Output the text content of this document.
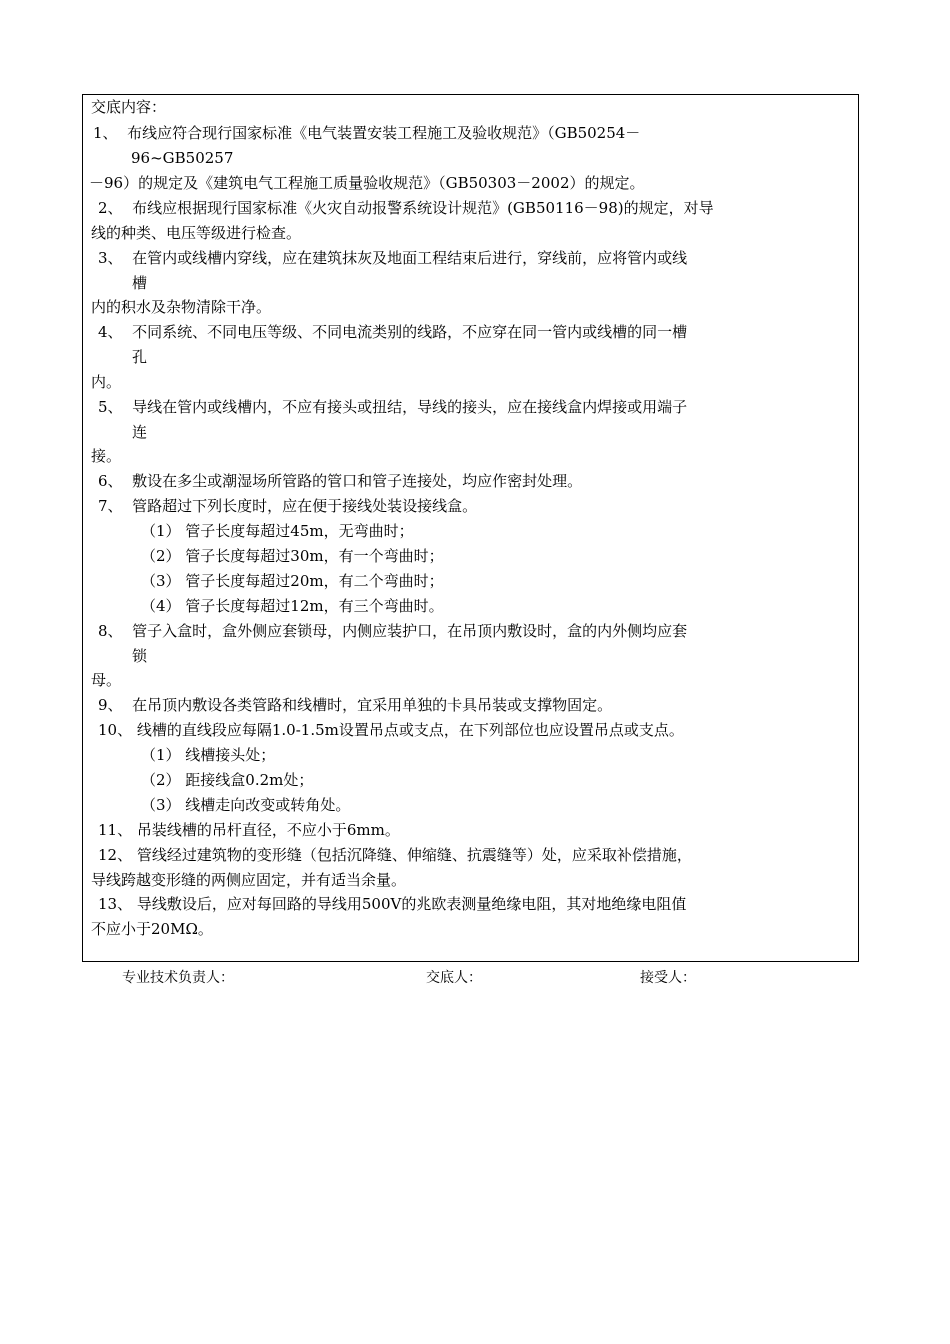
交底内容：
1、  布线应符合现行国家标准《电气装置安装工程施工及验收规范》（GB50254－
96~GB50257
－96）的规定及《建筑电气工程施工质量验收规范》（GB50303－2002）的规定。
2、  布线应根据现行国家标准《火灾自动报警系统设计规范》(GB50116－98)的规定，对导
线的种类、电压等级进行检查。
3、  在管内或线槽内穿线，应在建筑抹灰及地面工程结束后进行，穿线前，应将管内或线
槽
内的积水及杂物清除干净。
4、  不同系统、不同电压等级、不同电流类别的线路，不应穿在同一管内或线槽的同一槽
孔
内。
5、  导线在管内或线槽内，不应有接头或扭结，导线的接头，应在接线盒内焊接或用端子
连
接。
6、  敷设在多尘或潮湿场所管路的管口和管子连接处，均应作密封处理。
7、  管路超过下列长度时，应在便于接线处装设接线盒。
（1） 管子长度每超过45m，无弯曲时；
（2） 管子长度每超过30m，有一个弯曲时；
（3） 管子长度每超过20m，有二个弯曲时；
（4） 管子长度每超过12m，有三个弯曲时。
8、  管子入盒时，盒外侧应套锁母，内侧应装护口，在吊顶内敷设时，盒的内外侧均应套
锁
母。
9、  在吊顶内敷设各类管路和线槽时，宜采用单独的卡具吊装或支撑物固定。
10、 线槽的直线段应每隔1.0-1.5m设置吊点或支点，在下列部位也应设置吊点或支点。
（1） 线槽接头处；
（2） 距接线盒0.2m处；
（3） 线槽走向改变或转角处。
11、 吊装线槽的吊杆直径，不应小于6mm。
12、 管线经过建筑物的变形缝（包括沉降缝、伸缩缝、抗震缝等）处，应采取补偿措施，
导线跨越变形缝的两侧应固定，并有适当余量。
13、 导线敷设后，应对每回路的导线用500V的兆欧表测量绝缘电阻，其对地绝缘电阻值
不应小于20MΩ。
专业技术负责人：	交底人：	接受人：
